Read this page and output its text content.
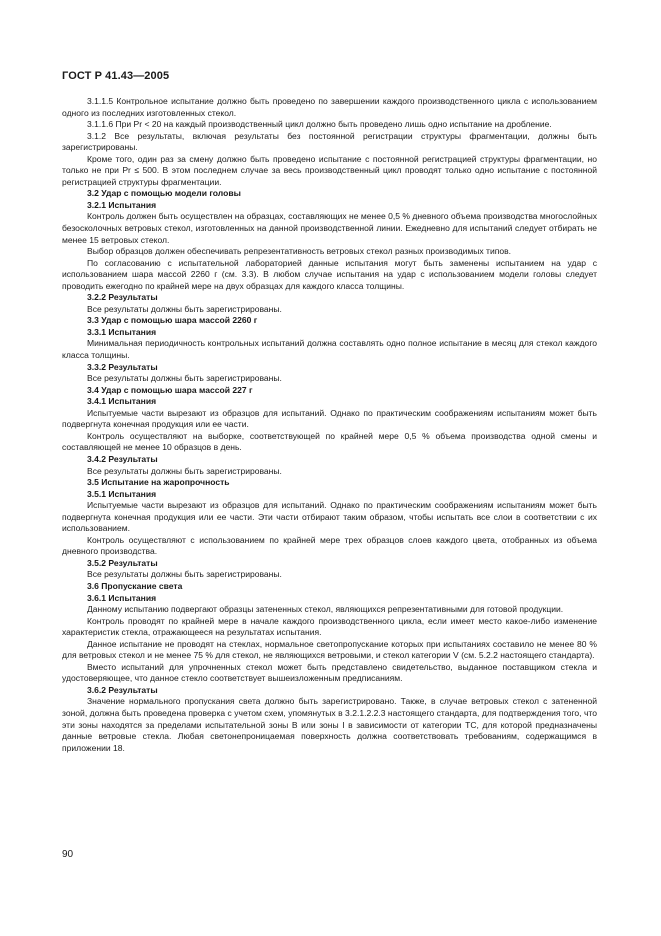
ГОСТ Р 41.43—2005

3.1.1.5 Контрольное испытание должно быть проведено по завершении каждого производственного цикла с использованием одного из последних изготовленных стекол.

3.1.1.6 При Pr < 20 на каждый производственный цикл должно быть проведено лишь одно испытание на дробление.

3.1.2 Все результаты, включая результаты без постоянной регистрации структуры фрагментации, должны быть зарегистрированы.

Кроме того, один раз за смену должно быть проведено испытание с постоянной регистрацией структуры фрагментации, но только не при Pr ≤ 500. В этом последнем случае за весь производственный цикл проводят только одно испытание с постоянной регистрацией структуры фрагментации.

3.2 Удар с помощью модели головы

3.2.1 Испытания

Контроль должен быть осуществлен на образцах, составляющих не менее 0,5 % дневного объема производства многослойных безосколочных ветровых стекол, изготовленных на данной производственной линии. Ежедневно для испытаний следует отбирать не менее 15 ветровых стекол.

Выбор образцов должен обеспечивать репрезентативность ветровых стекол разных производимых типов.

По согласованию с испытательной лабораторией данные испытания могут быть заменены испытанием на удар с использованием шара массой 2260 г (см. 3.3). В любом случае испытания на удар с использованием модели головы следует проводить ежегодно по крайней мере на двух образцах для каждого класса толщины.

3.2.2 Результаты

Все результаты должны быть зарегистрированы.

3.3 Удар с помощью шара массой 2260 г

3.3.1 Испытания

Минимальная периодичность контрольных испытаний должна составлять одно полное испытание в месяц для стекол каждого класса толщины.

3.3.2 Результаты

Все результаты должны быть зарегистрированы.

3.4 Удар с помощью шара массой 227 г

3.4.1 Испытания

Испытуемые части вырезают из образцов для испытаний. Однако по практическим соображениям испытаниям может быть подвергнута конечная продукция или ее части.

Контроль осуществляют на выборке, соответствующей по крайней мере 0,5 % объема производства одной смены и составляющей не менее 10 образцов в день.

3.4.2 Результаты

Все результаты должны быть зарегистрированы.

3.5 Испытание на жаропрочность

3.5.1 Испытания

Испытуемые части вырезают из образцов для испытаний. Однако по практическим соображениям испытаниям может быть подвергнута конечная продукция или ее части. Эти части отбирают таким образом, чтобы испытать все слои в соответствии с их использованием.

Контроль осуществляют с использованием по крайней мере трех образцов слоев каждого цвета, отобранных из объема дневного производства.

3.5.2 Результаты

Все результаты должны быть зарегистрированы.

3.6 Пропускание света

3.6.1 Испытания

Данному испытанию подвергают образцы затененных стекол, являющихся репрезентативными для готовой продукции.

Контроль проводят по крайней мере в начале каждого производственного цикла, если имеет место какое-либо изменение характеристик стекла, отражающееся на результатах испытания.

Данное испытание не проводят на стеклах, нормальное светопропускание которых при испытаниях составило не менее 80 % для ветровых стекол и не менее 75 % для стекол, не являющихся ветровыми, и стекол категории V (см. 5.2.2 настоящего стандарта).

Вместо испытаний для упрочненных стекол может быть представлено свидетельство, выданное поставщиком стекла и удостоверяющее, что данное стекло соответствует вышеизложенным предписаниям.

3.6.2 Результаты

Значение нормального пропускания света должно быть зарегистрировано. Также, в случае ветровых стекол с затененной зоной, должна быть проведена проверка с учетом схем, упомянутых в 3.2.1.2.2.3 настоящего стандарта, для подтверждения того, что эти зоны находятся за пределами испытательной зоны B или зоны I в зависимости от категории ТС, для которой предназначены данные ветровые стекла. Любая светонепроницаемая поверхность должна соответствовать требованиям, содержащимся в приложении 18.

90
